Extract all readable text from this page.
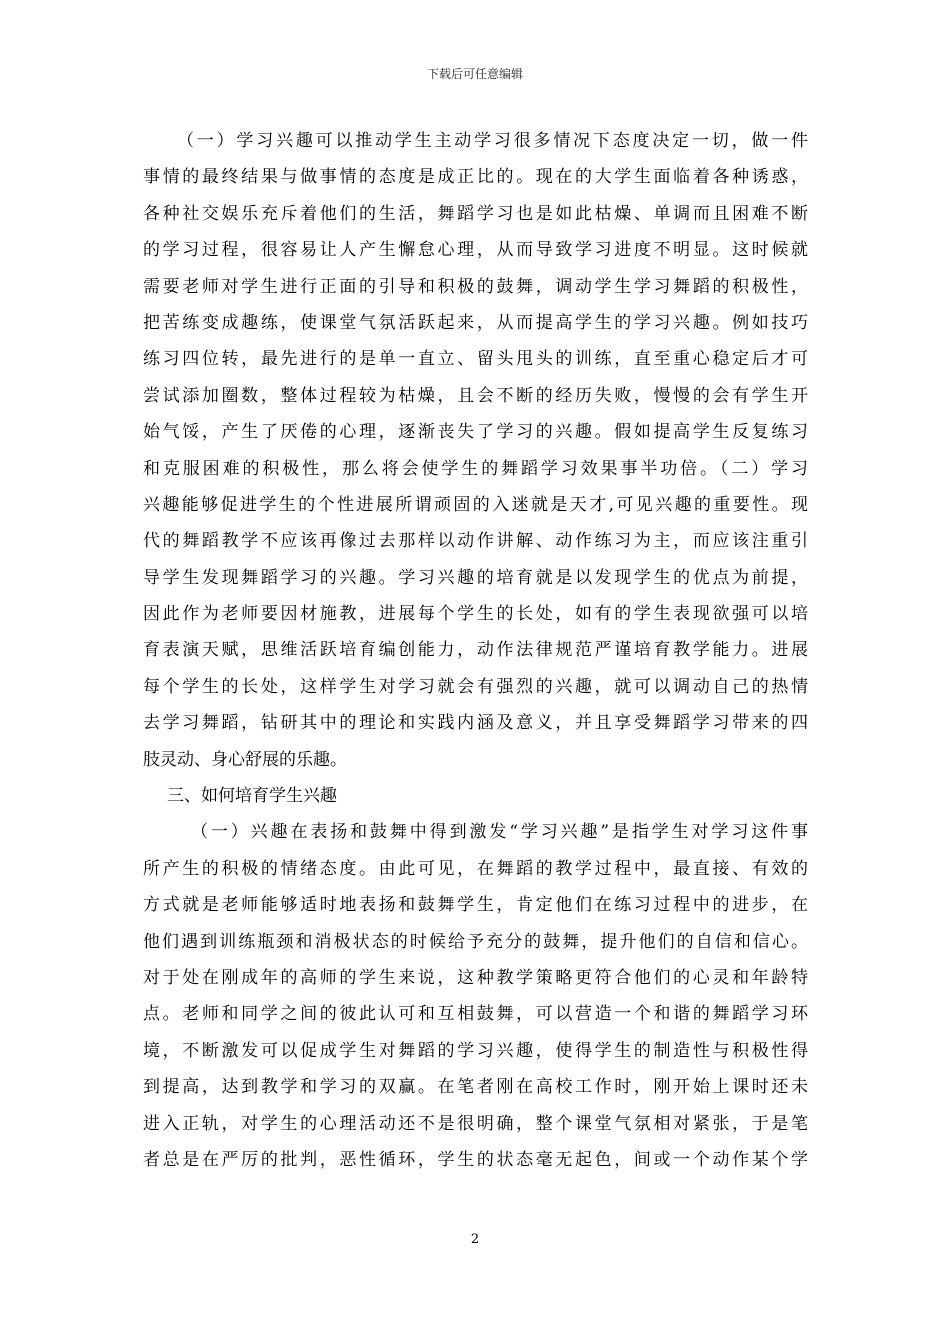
下载后可任意编辑
（一）学习兴趣可以推动学生主动学习很多情况下态度决定一切，做一件
事情的最终结果与做事情的态度是成正比的。现在的大学生面临着各种诱惑，
各种社交娱乐充斥着他们的生活，舞蹈学习也是如此枯燥、单调而且困难不断
的学习过程，很容易让人产生懈怠心理，从而导致学习进度不明显。这时候就
需要老师对学生进行正面的引导和积极的鼓舞，调动学生学习舞蹈的积极性，
把苦练变成趣练，使课堂气氛活跃起来，从而提高学生的学习兴趣。例如技巧
练习四位转，最先进行的是单一直立、留头甩头的训练，直至重心稳定后才可
尝试添加圈数，整体过程较为枯燥，且会不断的经历失败，慢慢的会有学生开
始气馁，产生了厌倦的心理，逐渐丧失了学习的兴趣。假如提高学生反复练习
和克服困难的积极性，那么将会使学生的舞蹈学习效果事半功倍。（二）学习
兴趣能够促进学生的个性进展所谓顽固的入迷就是天才,可见兴趣的重要性。现
代的舞蹈教学不应该再像过去那样以动作讲解、动作练习为主，而应该注重引
导学生发现舞蹈学习的兴趣。学习兴趣的培育就是以发现学生的优点为前提，
因此作为老师要因材施教，进展每个学生的长处，如有的学生表现欲强可以培
育表演天赋，思维活跃培育编创能力，动作法律规范严谨培育教学能力。进展
每个学生的长处，这样学生对学习就会有强烈的兴趣，就可以调动自己的热情
去学习舞蹈，钻研其中的理论和实践内涵及意义，并且享受舞蹈学习带来的四
肢灵动、身心舒展的乐趣。
三、如何培育学生兴趣
（一）兴趣在表扬和鼓舞中得到激发“学习兴趣”是指学生对学习这件事
所产生的积极的情绪态度。由此可见，在舞蹈的教学过程中，最直接、有效的
方式就是老师能够适时地表扬和鼓舞学生，肯定他们在练习过程中的进步，在
他们遇到训练瓶颈和消极状态的时候给予充分的鼓舞，提升他们的自信和信心。
对于处在刚成年的高师的学生来说，这种教学策略更符合他们的心灵和年龄特
点。老师和同学之间的彼此认可和互相鼓舞，可以营造一个和谐的舞蹈学习环
境，不断激发可以促成学生对舞蹈的学习兴趣，使得学生的制造性与积极性得
到提高，达到教学和学习的双赢。在笔者刚在高校工作时，刚开始上课时还未
进入正轨，对学生的心理活动还不是很明确，整个课堂气氛相对紧张，于是笔
者总是在严厉的批判，恶性循环，学生的状态毫无起色，间或一个动作某个学
2
